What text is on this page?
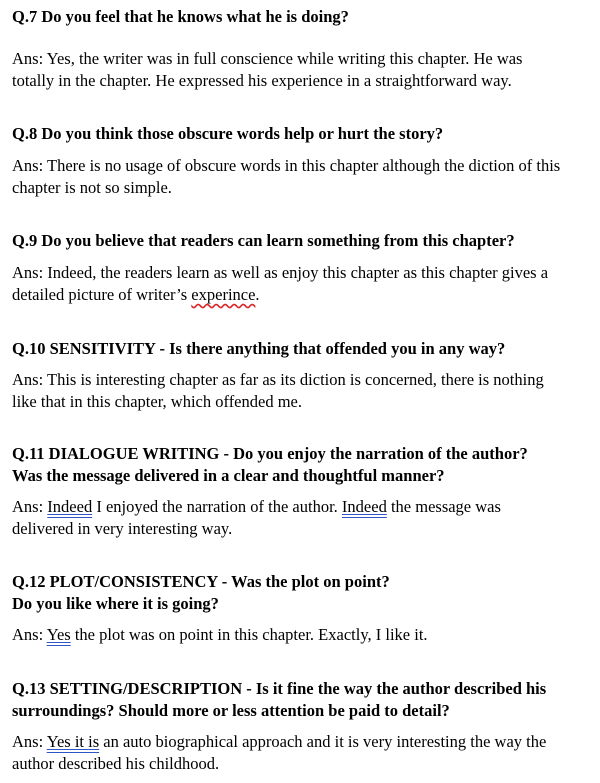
Q.7 Do you feel that he knows what he is doing?

Ans: Yes, the writer was in full conscience while writing this chapter. He was
totally in the chapter. He expressed his experience in a straightforward way.

Q.8 Do you think those obscure words help or hurt the story?

Ans: There is no usage of obscure words in this chapter although the diction of this
chapter is not so simple.

Q.9 Do you believe that readers can learn something from this chapter?

Ans: Indeed, the readers learn as well as enjoy this chapter as this chapter gives a
detailed picture of writer’s experince.

Q.10 SENSITIVITY - Is there anything that offended you in any way?

Ans: This is interesting chapter as far as its diction is concerned, there is nothing
like that in this chapter, which offended me.

Q.11 DIALOGUE WRITING - Do you enjoy the narration of the author?
Was the message delivered in a clear and thoughtful manner?

Ans: Indeed I enjoyed the narration of the author. Indeed the message was
delivered in very interesting way.

Q.12 PLOT/CONSISTENCY - Was the plot on point?
Do you like where it is going?

Ans: Yes the plot was on point in this chapter. Exactly, I like it.

Q.13 SETTING/DESCRIPTION - Is it fine the way the author described his
surroundings? Should more or less attention be paid to detail?

Ans: Yes it is an auto biographical approach and it is very interesting the way the
author described his childhood.
